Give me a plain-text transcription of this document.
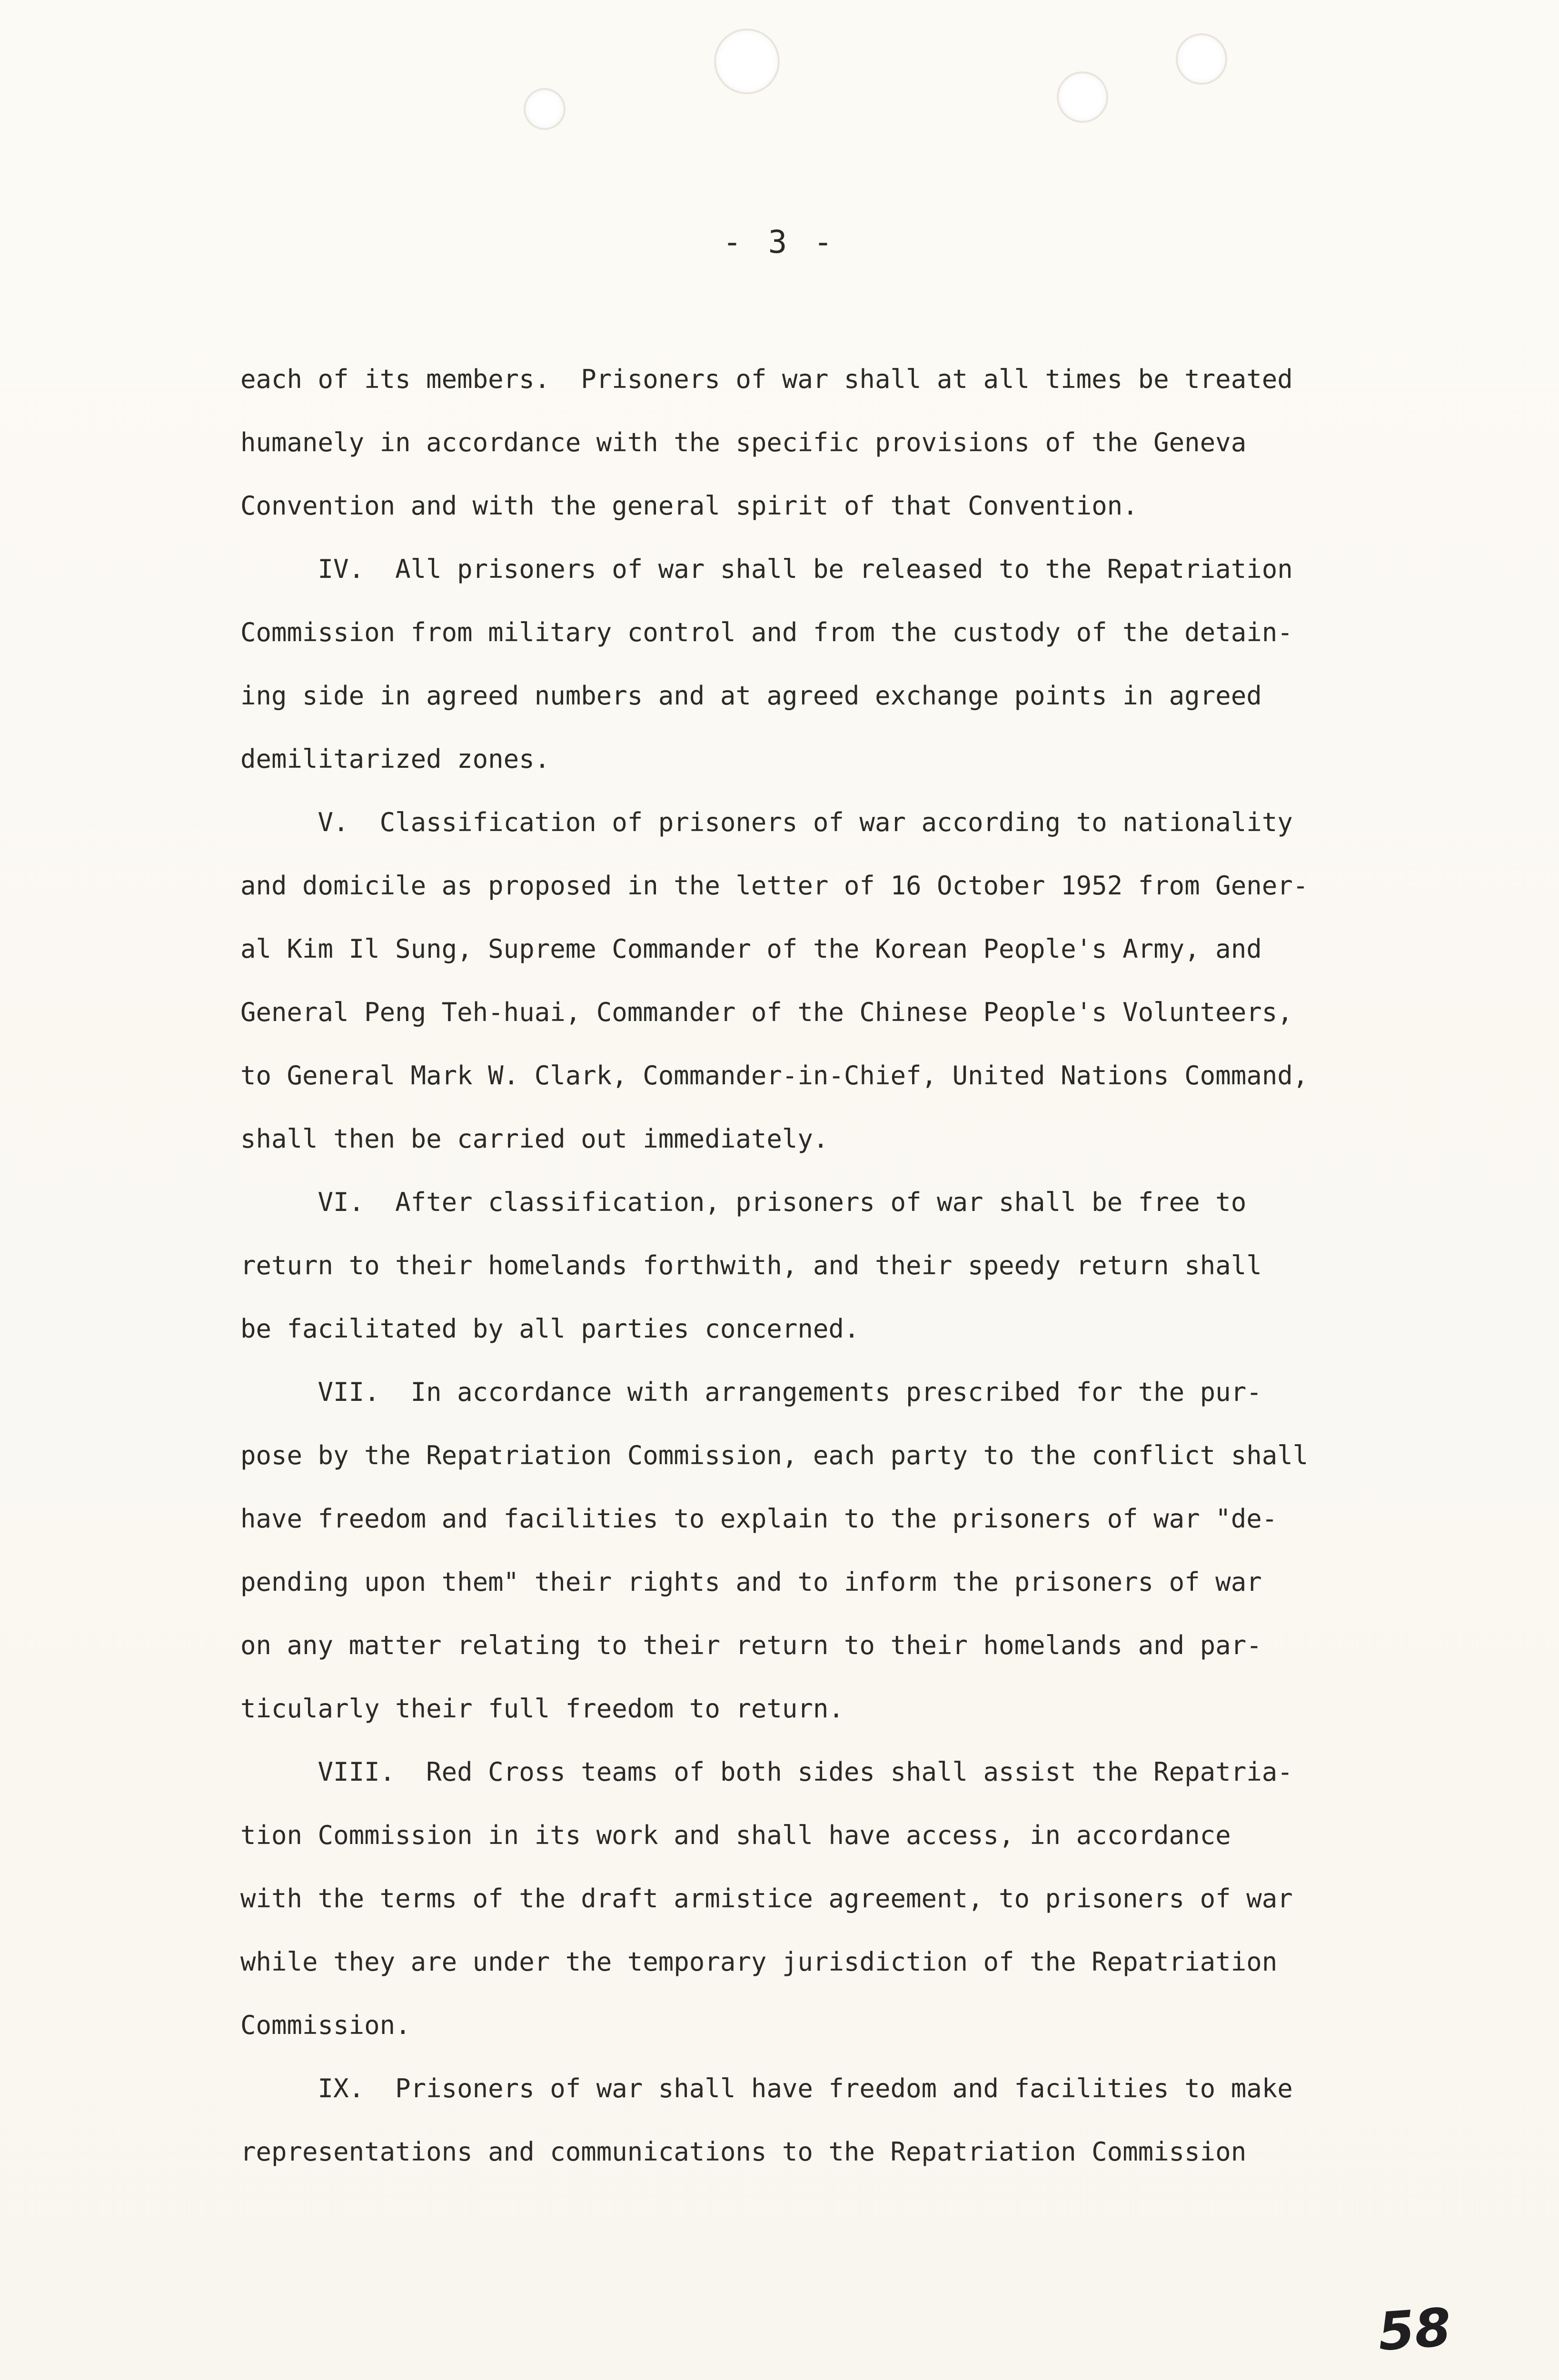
- 3 -
each of its members.  Prisoners of war shall at all times be treated
humanely in accordance with the specific provisions of the Geneva
Convention and with the general spirit of that Convention.
IV.  All prisoners of war shall be released to the Repatriation
Commission from military control and from the custody of the detain-
ing side in agreed numbers and at agreed exchange points in agreed
demilitarized zones.
V.  Classification of prisoners of war according to nationality
and domicile as proposed in the letter of 16 October 1952 from Gener-
al Kim Il Sung, Supreme Commander of the Korean People's Army, and
General Peng Teh-huai, Commander of the Chinese People's Volunteers,
to General Mark W. Clark, Commander-in-Chief, United Nations Command,
shall then be carried out immediately.
VI.  After classification, prisoners of war shall be free to
return to their homelands forthwith, and their speedy return shall
be facilitated by all parties concerned.
VII.  In accordance with arrangements prescribed for the pur-
pose by the Repatriation Commission, each party to the conflict shall
have freedom and facilities to explain to the prisoners of war "de-
pending upon them" their rights and to inform the prisoners of war
on any matter relating to their return to their homelands and par-
ticularly their full freedom to return.
VIII.  Red Cross teams of both sides shall assist the Repatria-
tion Commission in its work and shall have access, in accordance
with the terms of the draft armistice agreement, to prisoners of war
while they are under the temporary jurisdiction of the Repatriation
Commission.
IX.  Prisoners of war shall have freedom and facilities to make
representations and communications to the Repatriation Commission
58
